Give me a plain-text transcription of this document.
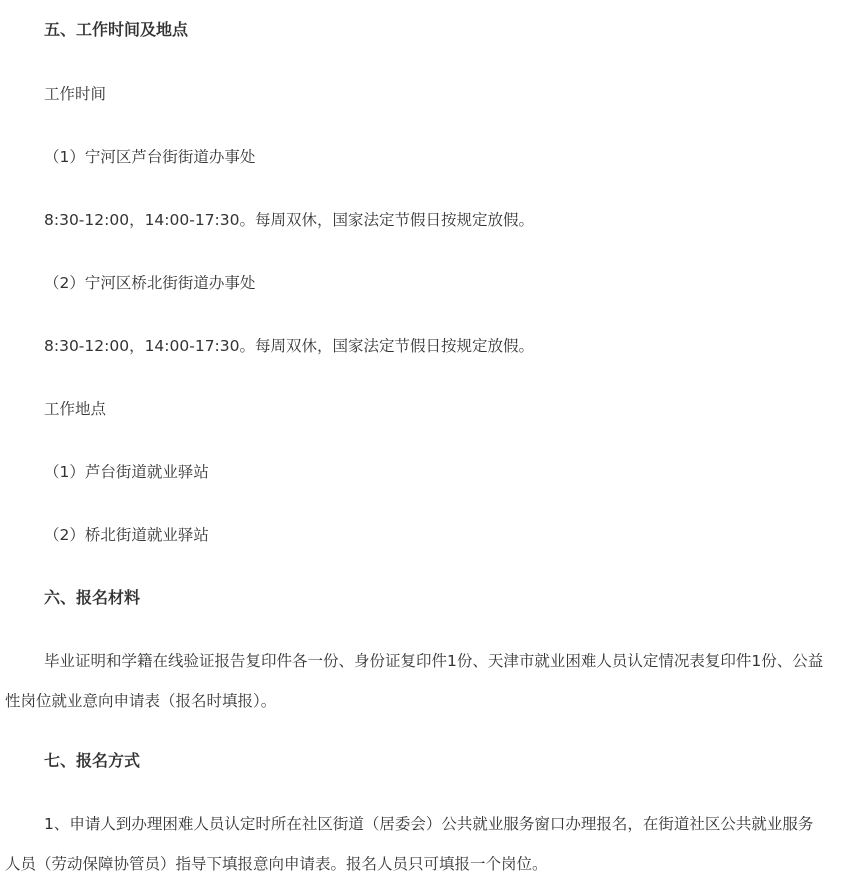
五、工作时间及地点
工作时间
（1）宁河区芦台街街道办事处
8:30-12:00，14:00-17:30。每周双休，国家法定节假日按规定放假。
（2）宁河区桥北街街道办事处
8:30-12:00，14:00-17:30。每周双休，国家法定节假日按规定放假。
工作地点
（1）芦台街道就业驿站
（2）桥北街道就业驿站
六、报名材料
毕业证明和学籍在线验证报告复印件各一份、身份证复印件1份、天津市就业困难人员认定情况表复印件1份、公益性岗位就业意向申请表（报名时填报）。
七、报名方式
1、申请人到办理困难人员认定时所在社区街道（居委会）公共就业服务窗口办理报名，在街道社区公共就业服务人员（劳动保障协管员）指导下填报意向申请表。报名人员只可填报一个岗位。
